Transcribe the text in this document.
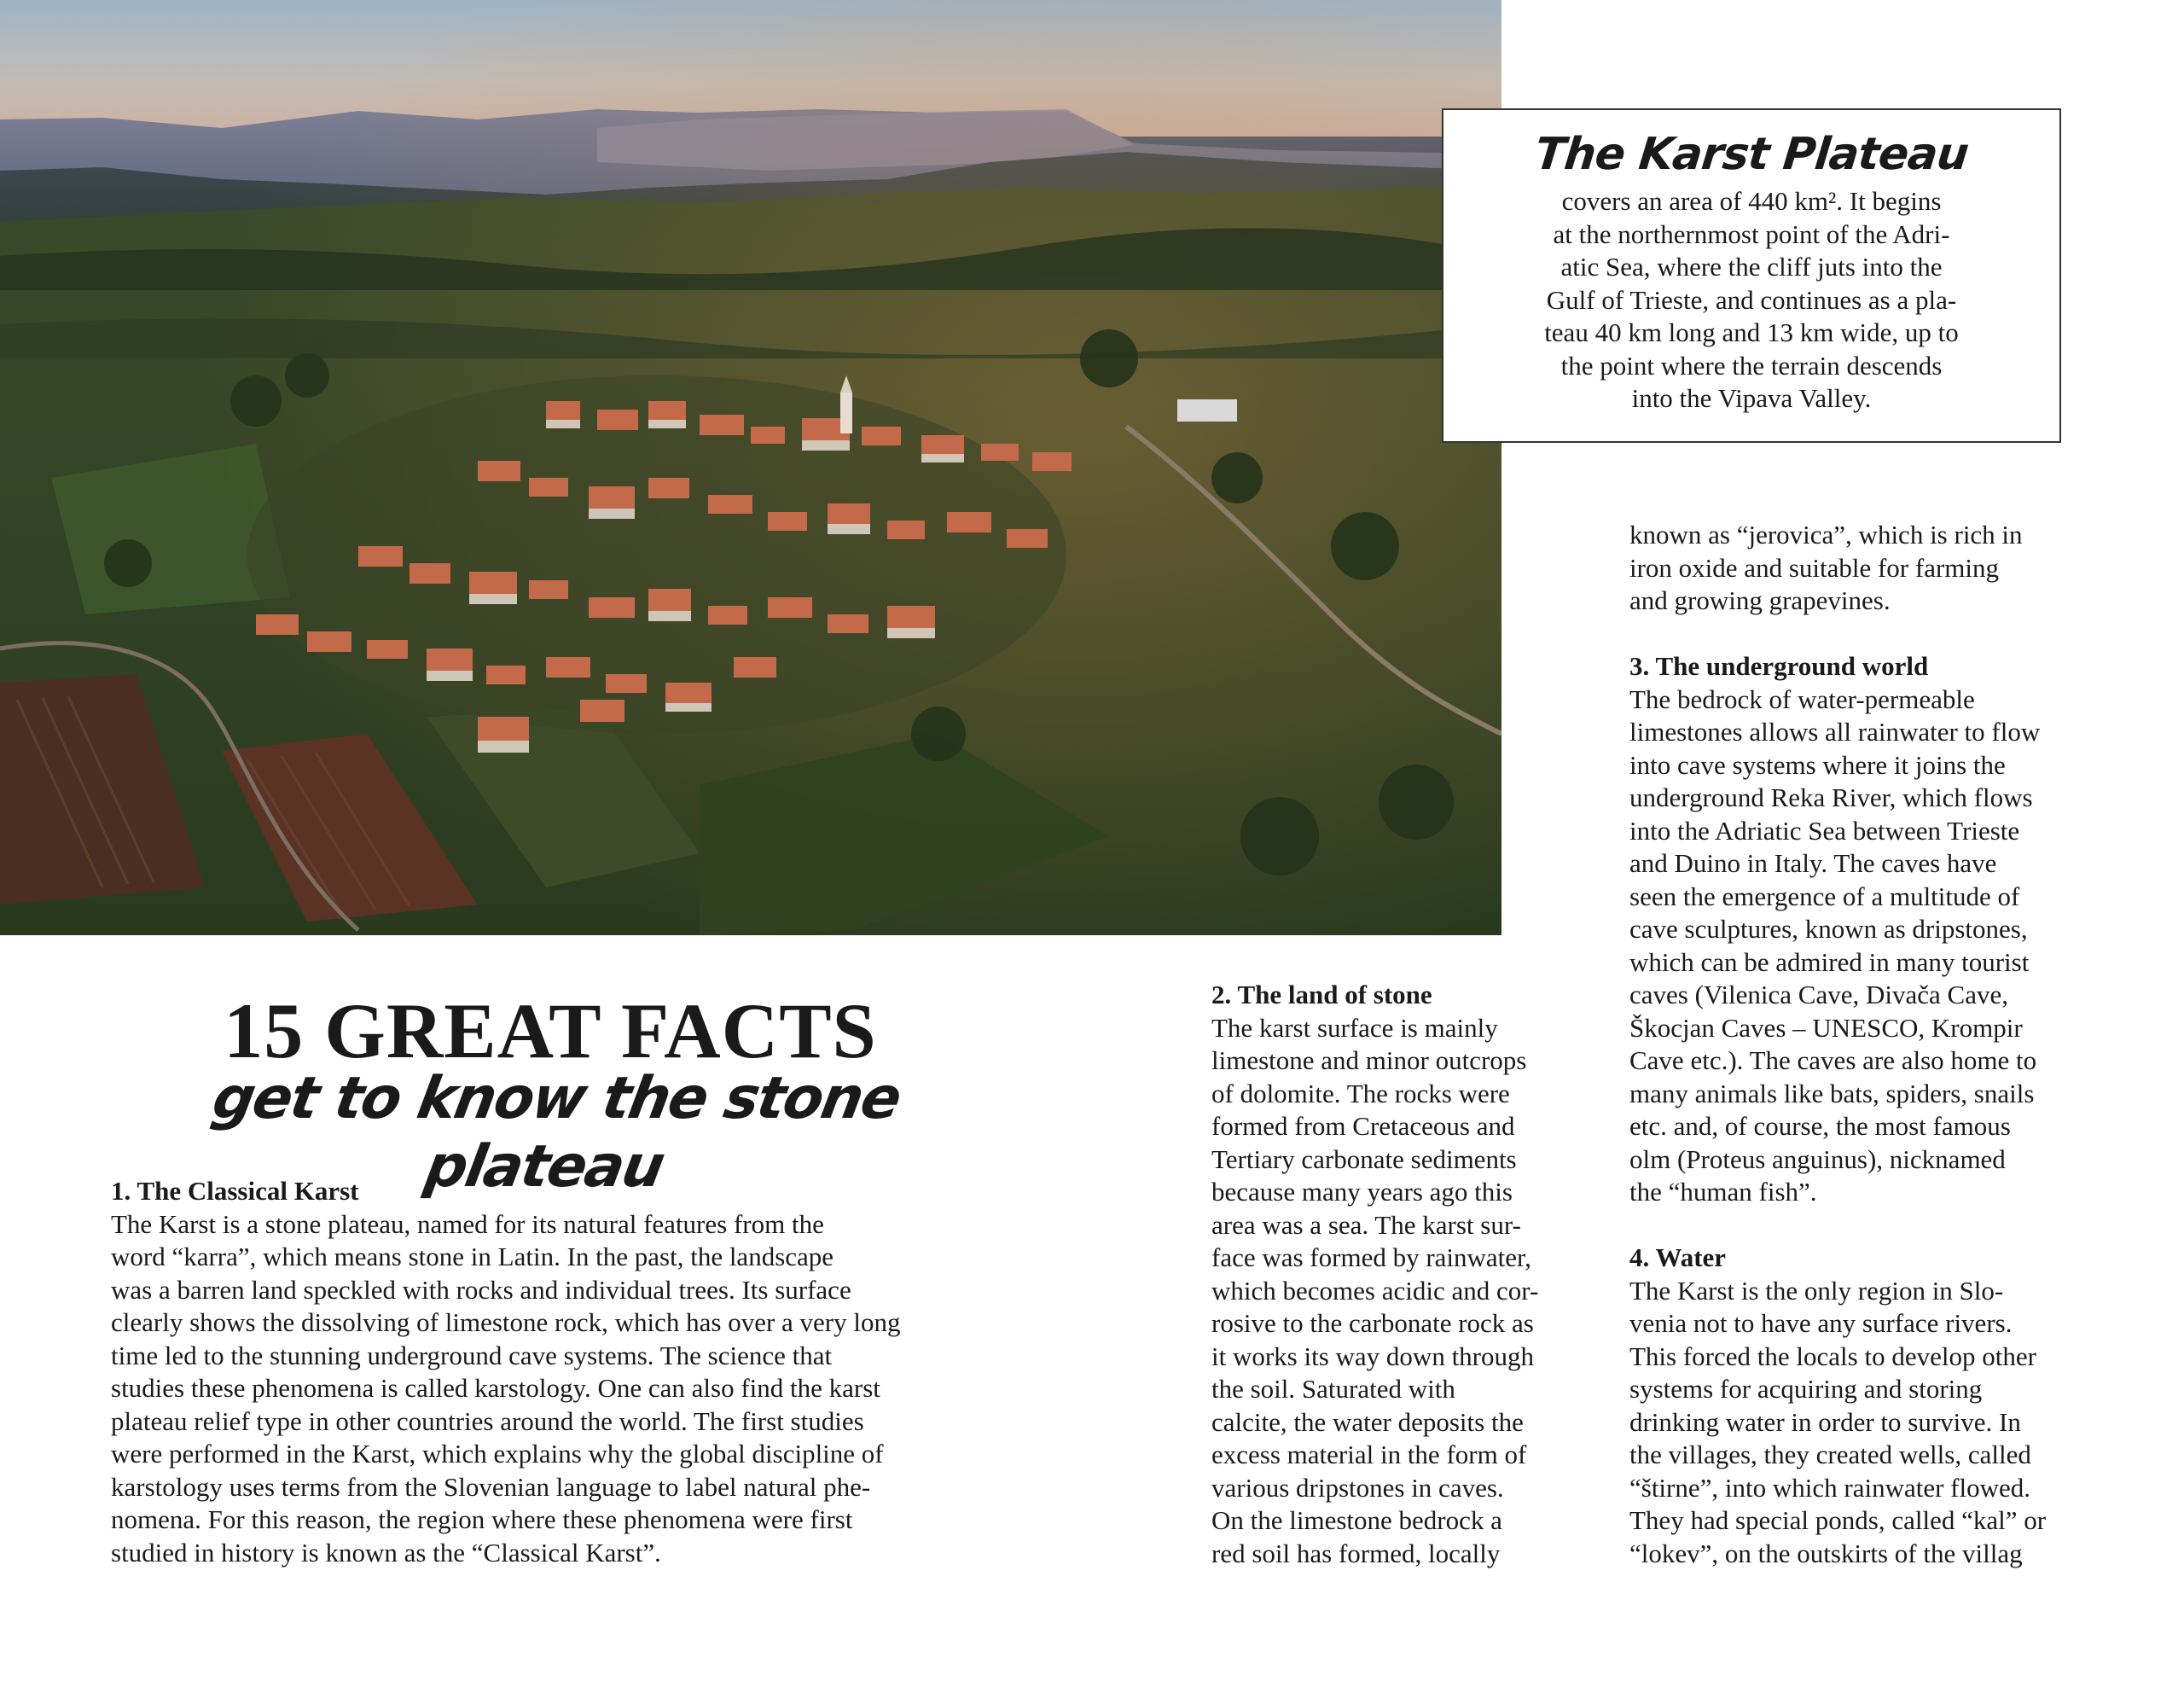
The Karst Plateau
covers an area of 440 km². It begins
at the northernmost point of the Adri-
atic Sea, where the cliff juts into the
Gulf of Trieste, and continues as a pla-
teau 40 km long and 13 km wide, up to
the point where the terrain descends
into the Vipava Valley.
15 GREAT FACTS
get to know the stone plateau

1. The Classical Karst

The Karst is a stone plateau, named for its natural features from the

word “karra”, which means stone in Latin. In the past, the landscape

was a barren land speckled with rocks and individual trees. Its surface

clearly shows the dissolving of limestone rock, which has over a very long

time led to the stunning underground cave systems. The science that

studies these phenomena is called karstology. One can also find the karst

plateau relief type in other countries around the world. The first studies

were performed in the Karst, which explains why the global discipline of

karstology uses terms from the Slovenian language to label natural phe-

nomena. For this reason, the region where these phenomena were first

studied in history is known as the “Classical Karst”.

2. The land of stone

The karst surface is mainly

limestone and minor outcrops

of dolomite. The rocks were

formed from Cretaceous and

Tertiary carbonate sediments

because many years ago this

area was a sea. The karst sur-

face was formed by rainwater,

which becomes acidic and cor-

rosive to the carbonate rock as

it works its way down through

the soil. Saturated with

calcite, the water deposits the

excess material in the form of

various dripstones in caves.

On the limestone bedrock a

red soil has formed, locally

known as “jerovica”, which is rich in

iron oxide and suitable for farming

and growing grapevines.

3. The underground world

The bedrock of water-permeable

limestones allows all rainwater to flow

into cave systems where it joins the

underground Reka River, which flows

into the Adriatic Sea between Trieste

and Duino in Italy. The caves have

seen the emergence of a multitude of

cave sculptures, known as dripstones,

which can be admired in many tourist

caves (Vilenica Cave, Divača Cave,

Škocjan Caves – UNESCO, Krompir

Cave etc.). The caves are also home to

many animals like bats, spiders, snails

etc. and, of course, the most famous

olm (Proteus anguinus), nicknamed

the “human fish”.

4. Water

The Karst is the only region in Slo-

venia not to have any surface rivers.

This forced the locals to develop other

systems for acquiring and storing

drinking water in order to survive. In

the villages, they created wells, called

“štirne”, into which rainwater flowed.

They had special ponds, called “kal” or

“lokev”, on the outskirts of the villag
